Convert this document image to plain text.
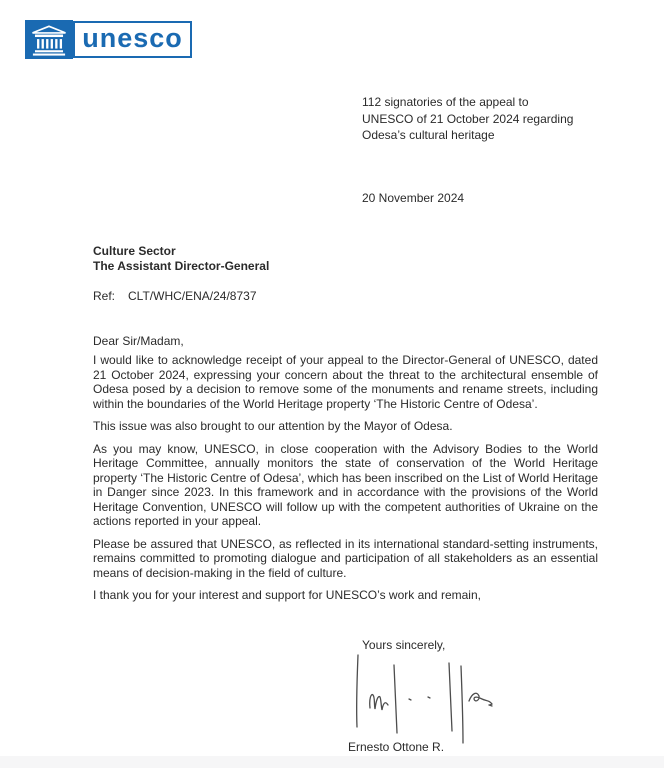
unesco
112 signatories of the appeal to
UNESCO of 21 October 2024 regarding
Odesa’s cultural heritage
20 November 2024
Culture Sector
The Assistant Director-General
Ref: CLT/WHC/ENA/24/8737
Dear Sir/Madam,

I would like to acknowledge receipt of your appeal to the Director-General of UNESCO, dated 21 October 2024, expressing your concern about the threat to the architectural ensemble of Odesa posed by a decision to remove some of the monuments and rename streets, including within the boundaries of the World Heritage property ‘The Historic Centre of Odesa’.

This issue was also brought to our attention by the Mayor of Odesa.

As you may know, UNESCO, in close cooperation with the Advisory Bodies to the World Heritage Committee, annually monitors the state of conservation of the World Heritage property ‘The Historic Centre of Odesa’, which has been inscribed on the List of World Heritage in Danger since 2023. In this framework and in accordance with the provisions of the World Heritage Convention, UNESCO will follow up with the competent authorities of Ukraine on the actions reported in your appeal.

Please be assured that UNESCO, as reflected in its international standard-setting instruments, remains committed to promoting dialogue and participation of all stakeholders as an essential means of decision-making in the field of culture.

I thank you for your interest and support for UNESCO’s work and remain,

Yours sincerely,
Ernesto Ottone R.
